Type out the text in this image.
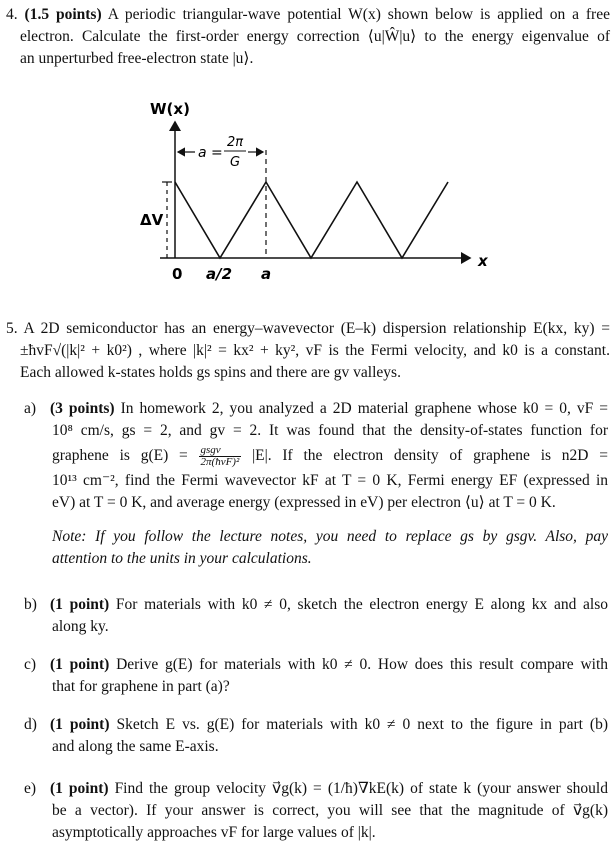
4. (1.5 points) A periodic triangular-wave potential W(x) shown below is applied on a free
electron. Calculate the first-order energy correction ⟨u|Ŵ|u⟩ to the energy eigenvalue of
an unperturbed free-electron state |u⟩.
W(x)
a =
2π
G
ΔV
x
0 a/2 a
5. A 2D semiconductor has an energy–wavevector (E–k) dispersion relationship E(kx, ky) =
±ħvF√(|k|² + k0²) , where |k|² = kx² + ky², vF is the Fermi velocity, and k0 is a constant.
Each allowed k-states holds gs spins and there are gv valleys.
a) (3 points) In homework 2, you analyzed a 2D material graphene whose k0 = 0, vF =
10⁸ cm/s, gs = 2, and gv = 2. It was found that the density-of-states function for
graphene is $g(E) = \frac{\text{gsgv}}{\text{2π(ħvF)²}} |E|$. If the electron density of graphene is n2D =
10¹³ cm⁻², find the Fermi wavevector kF at T = 0 K, Fermi energy EF (expressed in
eV) at T = 0 K, and average energy (expressed in eV) per electron ⟨u⟩ at T = 0 K.
Note: If you follow the lecture notes, you need to replace gs by gsgv. Also, pay
attention to the units in your calculations.
b) (1 point) For materials with k0 ≠ 0, sketch the electron energy E along kx and also
along ky.
c) (1 point) Derive g(E) for materials with k0 ≠ 0. How does this result compare with
that for graphene in part (a)?
d) (1 point) Sketch E vs. g(E) for materials with k0 ≠ 0 next to the figure in part (b)
and along the same E-axis.
e) (1 point) Find the group velocity v⃗g(k) = (1/ħ)∇kE(k) of state k (your answer should
be a vector). If your answer is correct, you will see that the magnitude of v⃗g(k)
asymptotically approaches vF for large values of |k|.
